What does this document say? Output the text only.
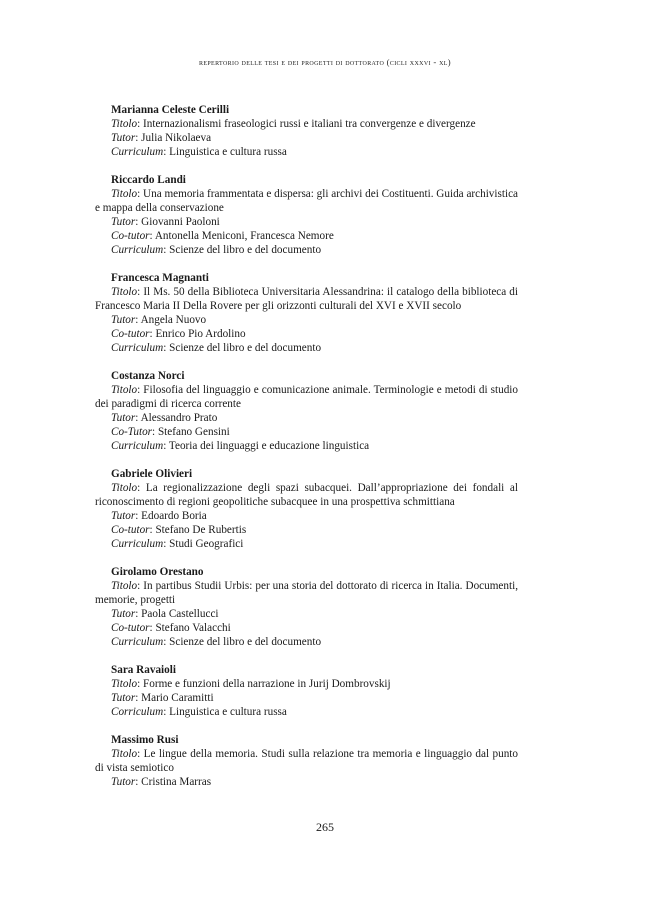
repertorio delle tesi e dei progetti di dottorato (cicli xxxvi - xl)
Marianna Celeste Cerilli
Titolo: Internazionalismi fraseologici russi e italiani tra convergenze e divergenze
Tutor: Julia Nikolaeva
Curriculum: Linguistica e cultura russa
Riccardo Landi
Titolo: Una memoria frammentata e dispersa: gli archivi dei Costituenti. Guida archivistica e mappa della conservazione
Tutor: Giovanni Paoloni
Co-tutor: Antonella Meniconi, Francesca Nemore
Curriculum: Scienze del libro e del documento
Francesca Magnanti
Titolo: Il Ms. 50 della Biblioteca Universitaria Alessandrina: il catalogo della biblioteca di Francesco Maria II Della Rovere per gli orizzonti culturali del XVI e XVII secolo
Tutor: Angela Nuovo
Co-tutor: Enrico Pio Ardolino
Curriculum: Scienze del libro e del documento
Costanza Norci
Titolo: Filosofia del linguaggio e comunicazione animale. Terminologie e metodi di studio dei paradigmi di ricerca corrente
Tutor: Alessandro Prato
Co-Tutor: Stefano Gensini
Curriculum: Teoria dei linguaggi e educazione linguistica
Gabriele Olivieri
Titolo: La regionalizzazione degli spazi subacquei. Dall’appropriazione dei fondali al riconoscimento di regioni geopolitiche subacquee in una prospettiva schmittiana
Tutor: Edoardo Boria
Co-tutor: Stefano De Rubertis
Curriculum: Studi Geografici
Girolamo Orestano
Titolo: In partibus Studii Urbis: per una storia del dottorato di ricerca in Italia. Documenti, memorie, progetti
Tutor: Paola Castellucci
Co-tutor: Stefano Valacchi
Curriculum: Scienze del libro e del documento
Sara Ravaioli
Titolo: Forme e funzioni della narrazione in Jurij Dombrovskij
Tutor: Mario Caramitti
Corriculum: Linguistica e cultura russa
Massimo Rusi
Titolo: Le lingue della memoria. Studi sulla relazione tra memoria e linguaggio dal punto di vista semiotico
Tutor: Cristina Marras
265
